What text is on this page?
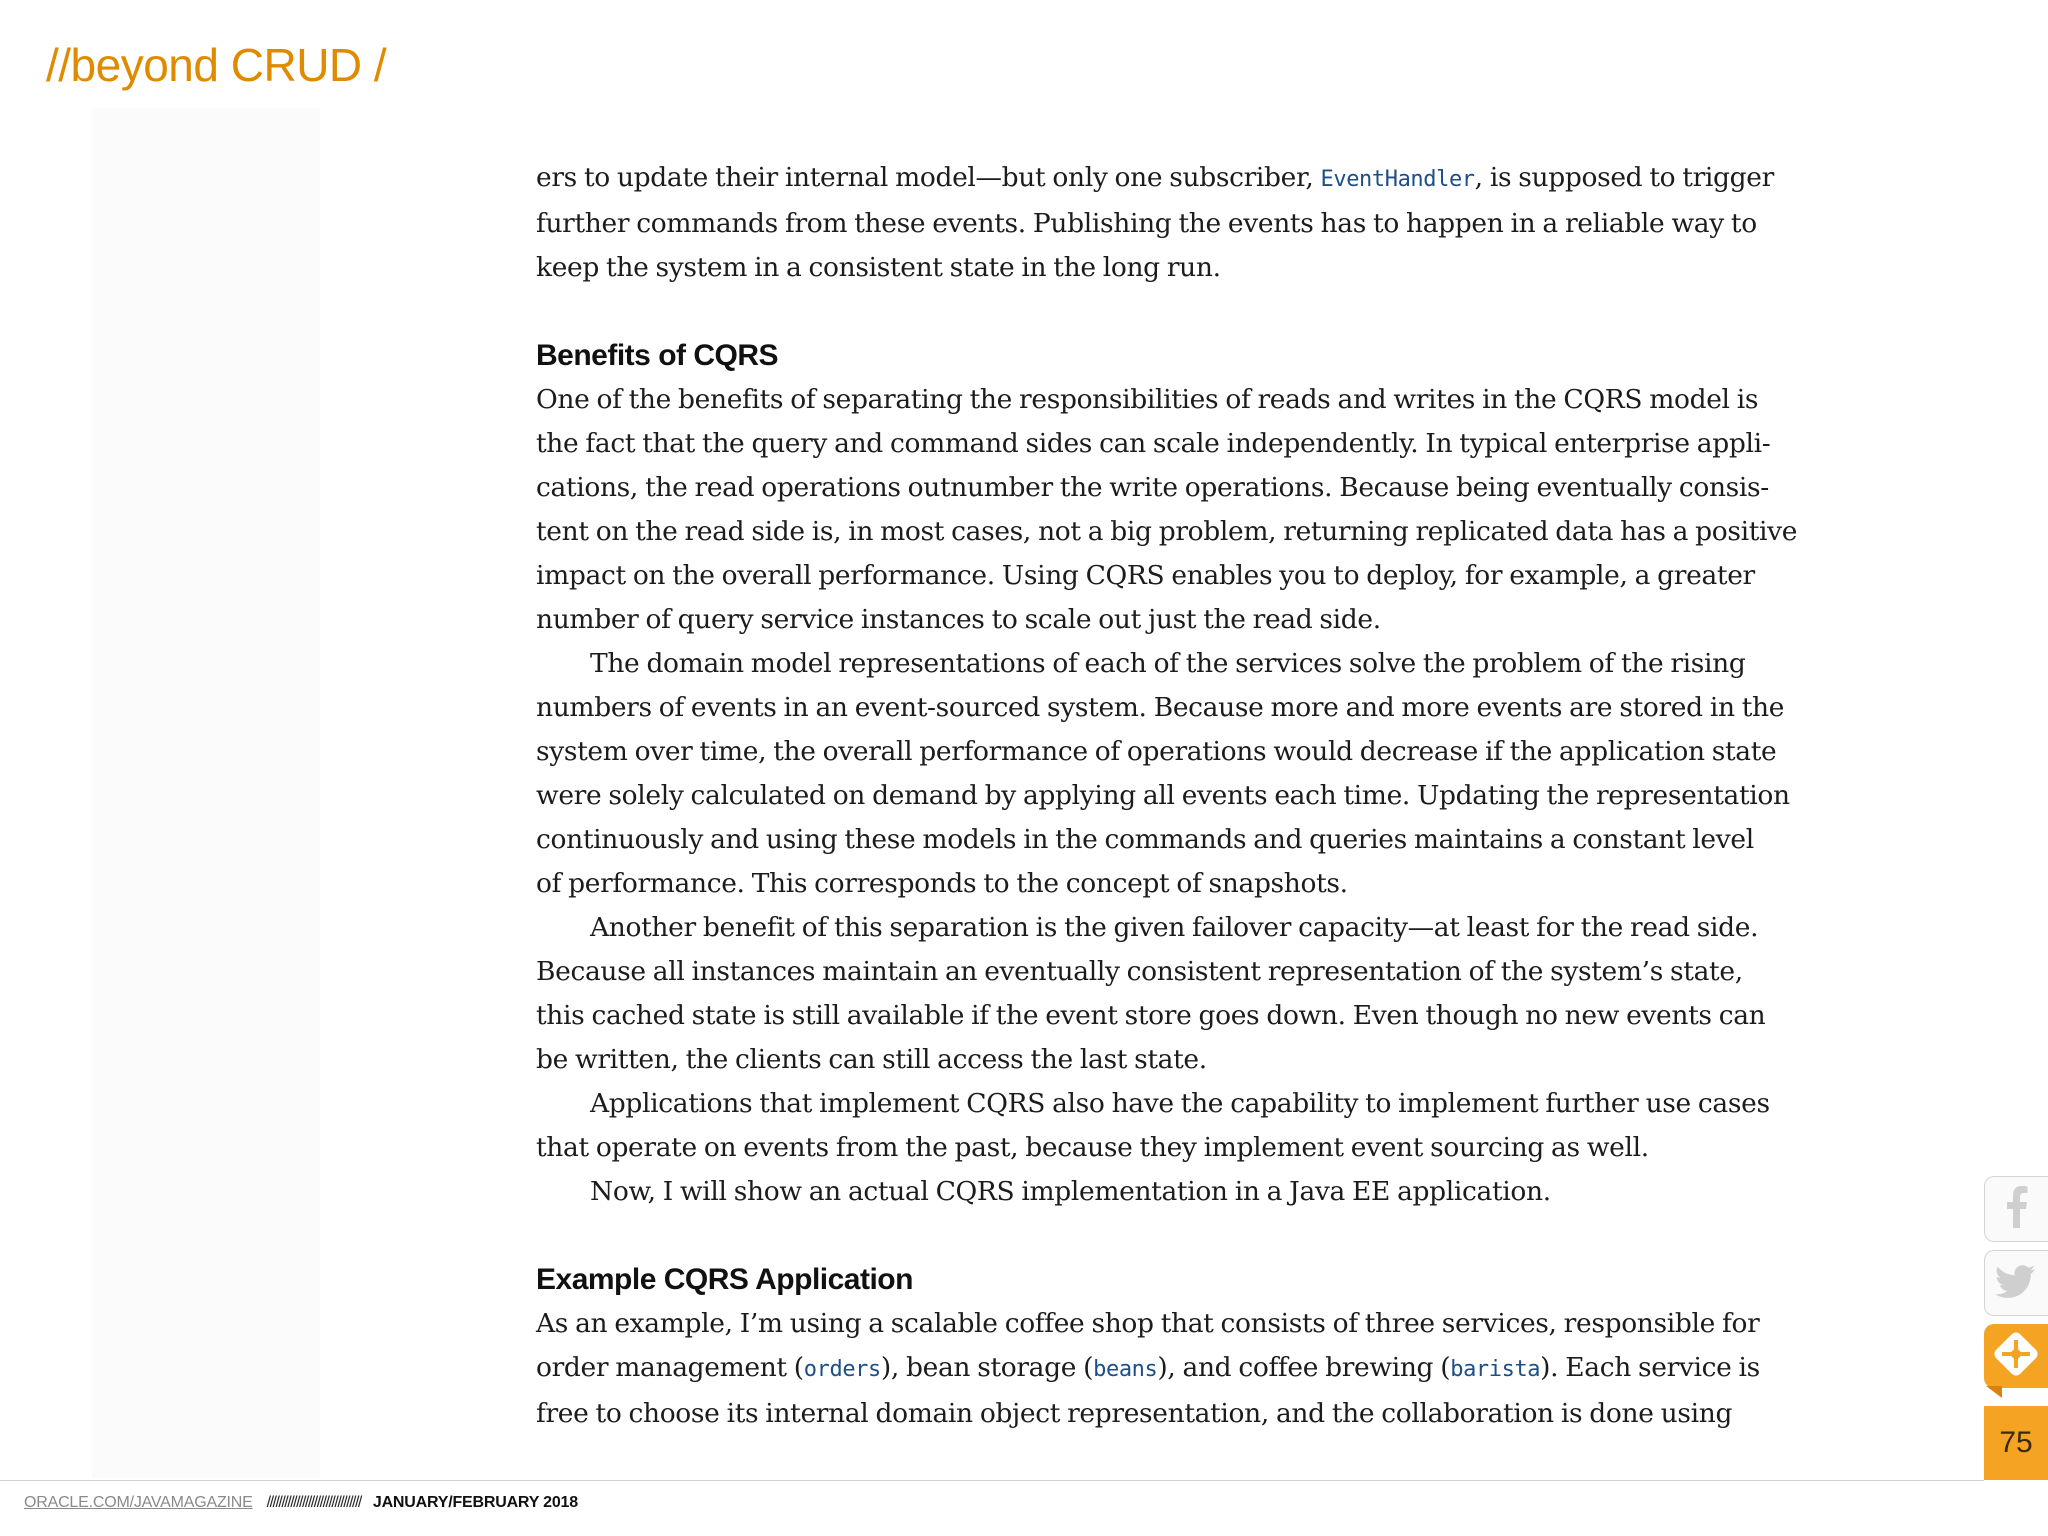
//beyond CRUD /

ers to update their internal model—but only one subscriber, EventHandler, is supposed to trigger
further commands from these events. Publishing the events has to happen in a reliable way to
keep the system in a consistent state in the long run.

Benefits of CQRS

One of the benefits of separating the responsibilities of reads and writes in the CQRS model is
the fact that the query and command sides can scale independently. In typical enterprise appli-
cations, the read operations outnumber the write operations. Because being eventually consis-
tent on the read side is, in most cases, not a big problem, returning replicated data has a positive
impact on the overall performance. Using CQRS enables you to deploy, for example, a greater
number of query service instances to scale out just the read side.

The domain model representations of each of the services solve the problem of the rising
numbers of events in an event-sourced system. Because more and more events are stored in the
system over time, the overall performance of operations would decrease if the application state
were solely calculated on demand by applying all events each time. Updating the representation
continuously and using these models in the commands and queries maintains a constant level
of performance. This corresponds to the concept of snapshots.

Another benefit of this separation is the given failover capacity—at least for the read side.
Because all instances maintain an eventually consistent representation of the system’s state,
this cached state is still available if the event store goes down. Even though no new events can
be written, the clients can still access the last state.

Applications that implement CQRS also have the capability to implement further use cases
that operate on events from the past, because they implement event sourcing as well.

Now, I will show an actual CQRS implementation in a Java EE application.

Example CQRS Application

As an example, I’m using a scalable coffee shop that consists of three services, responsible for
order management (orders), bean storage (beans), and coffee brewing (barista). Each service is
free to choose its internal domain object representation, and the collaboration is done using

ORACLE.COM/JAVAMAGAZINE //////////////////////////////// JANUARY/FEBRUARY 2018
75
